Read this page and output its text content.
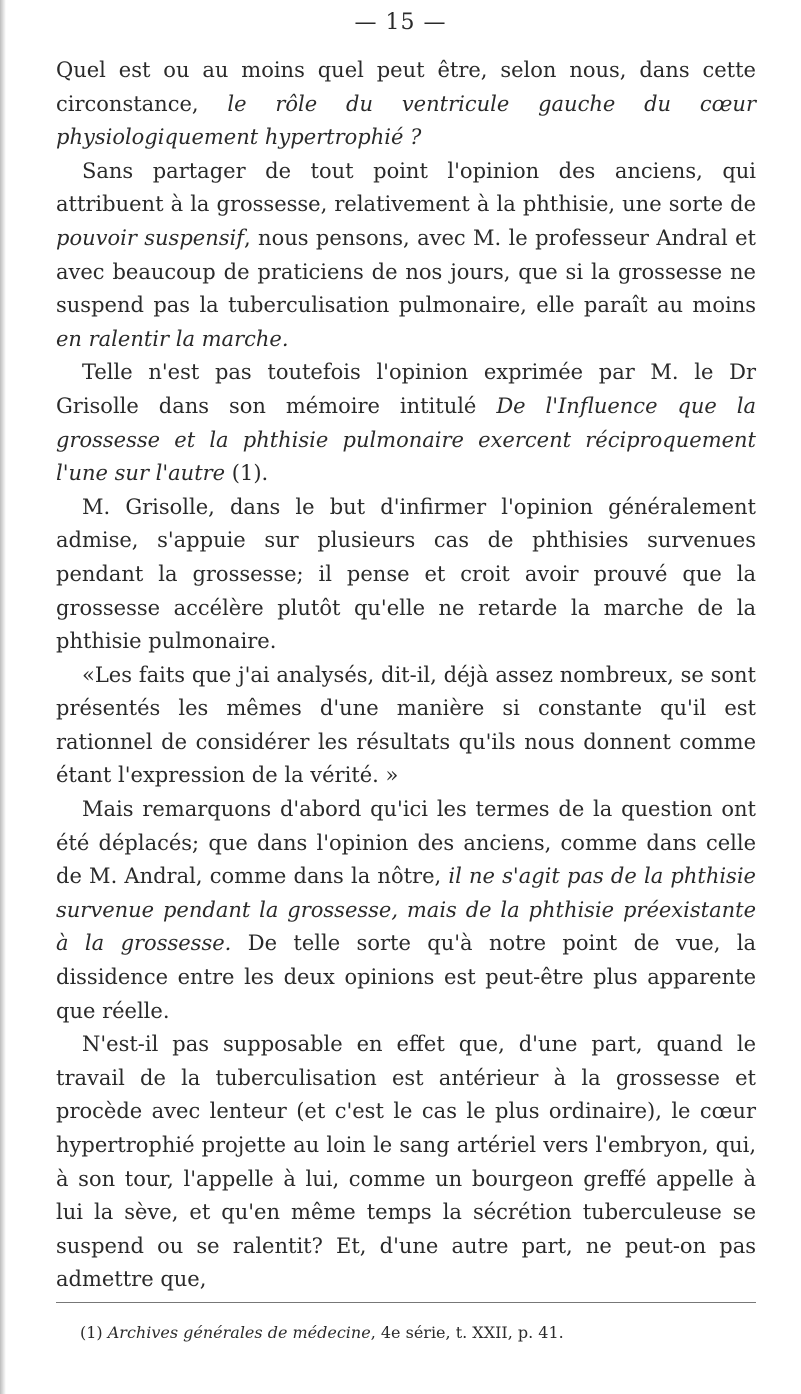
— 15 —

Quel est ou au moins quel peut être, selon nous, dans cette circonstance, le rôle du ventricule gauche du cœur physiologiquement hypertrophié ?

Sans partager de tout point l'opinion des anciens, qui attribuent à la grossesse, relativement à la phthisie, une sorte de pouvoir suspensif, nous pensons, avec M. le professeur Andral et avec beaucoup de praticiens de nos jours, que si la grossesse ne suspend pas la tuberculisation pulmonaire, elle paraît au moins en ralentir la marche.

Telle n'est pas toutefois l'opinion exprimée par M. le Dr Grisolle dans son mémoire intitulé De l'Influence que la grossesse et la phthisie pulmonaire exercent réciproquement l'une sur l'autre (1).

M. Grisolle, dans le but d'infirmer l'opinion généralement admise, s'appuie sur plusieurs cas de phthisies survenues pendant la grossesse; il pense et croit avoir prouvé que la grossesse accélère plutôt qu'elle ne retarde la marche de la phthisie pulmonaire.

«Les faits que j'ai analysés, dit-il, déjà assez nombreux, se sont présentés les mêmes d'une manière si constante qu'il est rationnel de considérer les résultats qu'ils nous donnent comme étant l'expression de la vérité. »

Mais remarquons d'abord qu'ici les termes de la question ont été déplacés; que dans l'opinion des anciens, comme dans celle de M. Andral, comme dans la nôtre, il ne s'agit pas de la phthisie survenue pendant la grossesse, mais de la phthisie préexistante à la grossesse. De telle sorte qu'à notre point de vue, la dissidence entre les deux opinions est peut-être plus apparente que réelle.

N'est-il pas supposable en effet que, d'une part, quand le travail de la tuberculisation est antérieur à la grossesse et procède avec lenteur (et c'est le cas le plus ordinaire), le cœur hypertrophié projette au loin le sang artériel vers l'embryon, qui, à son tour, l'appelle à lui, comme un bourgeon greffé appelle à lui la sève, et qu'en même temps la sécrétion tuberculeuse se suspend ou se ralentit? Et, d'une autre part, ne peut-on pas admettre que,

(1) Archives générales de médecine, 4e série, t. XXII, p. 41.
